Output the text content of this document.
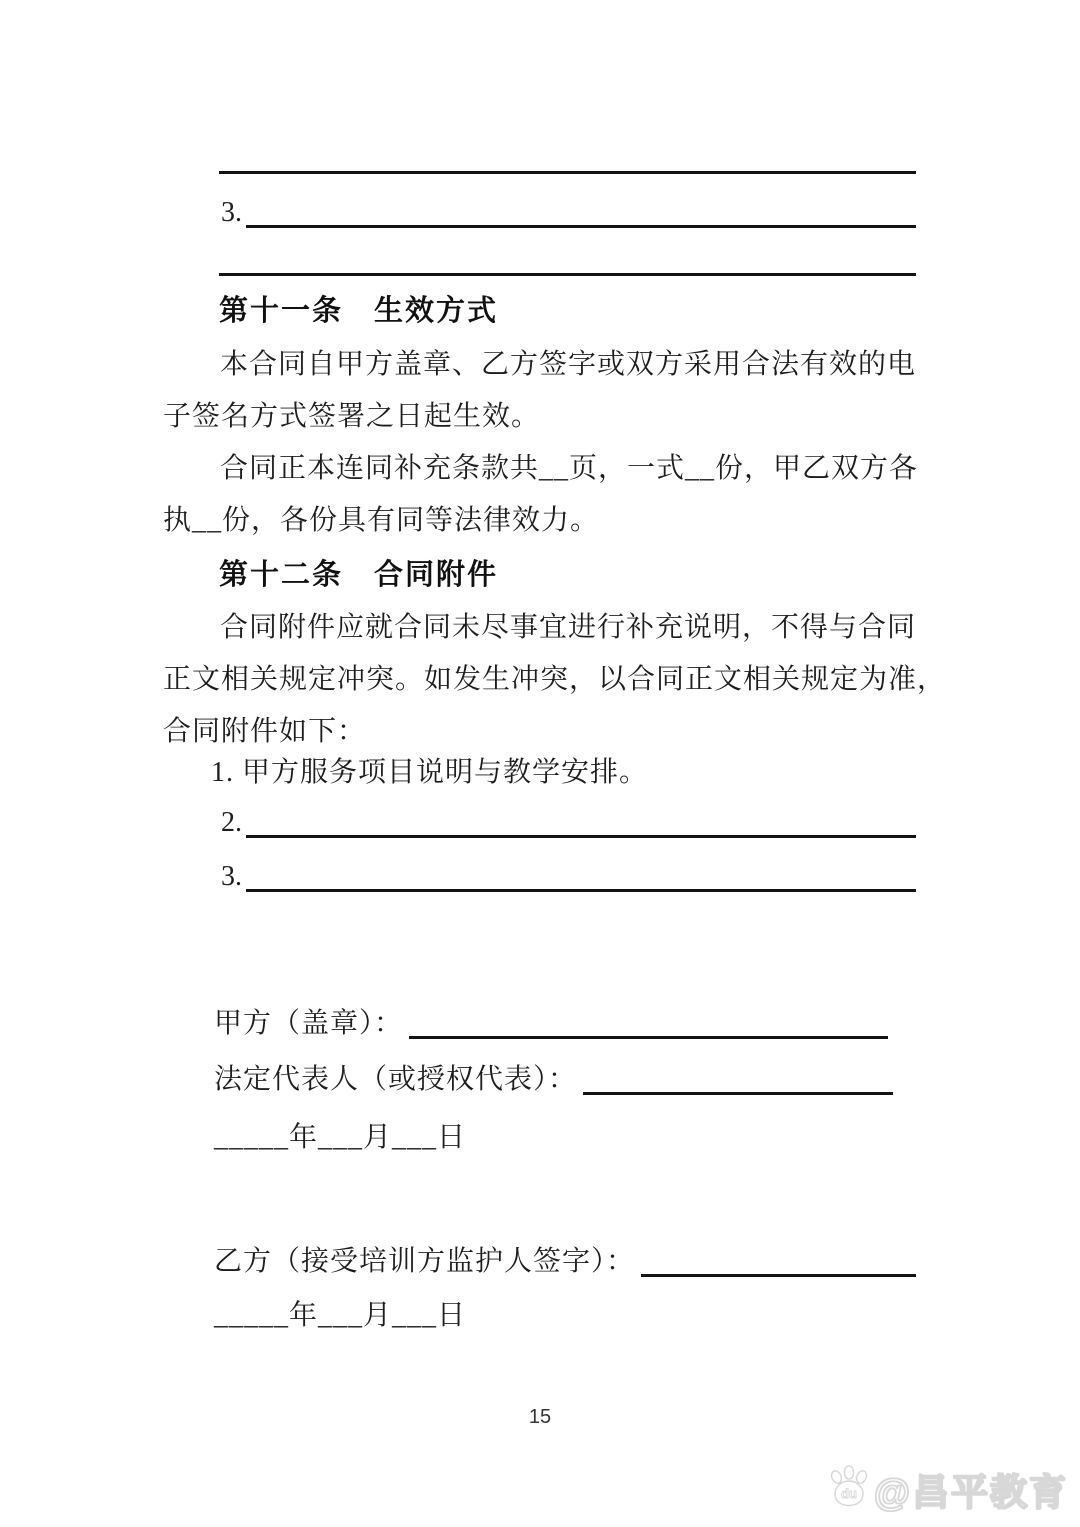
3.
第十一条　生效方式
本合同自甲方盖章、乙方签字或双方采用合法有效的电
子签名方式签署之日起生效。
合同正本连同补充条款共__页，一式__份，甲乙双方各
执__份，各份具有同等法律效力。
第十二条　合同附件
合同附件应就合同未尽事宜进行补充说明，不得与合同
正文相关规定冲突。如发生冲突，以合同正文相关规定为准，
合同附件如下：
1. 甲方服务项目说明与教学安排。
2.
3.
甲方（盖章）：
法定代表人（或授权代表）：
_____年___月___日
乙方（接受培训方监护人签字）：
_____年___月___日
15
du @昌平教育
